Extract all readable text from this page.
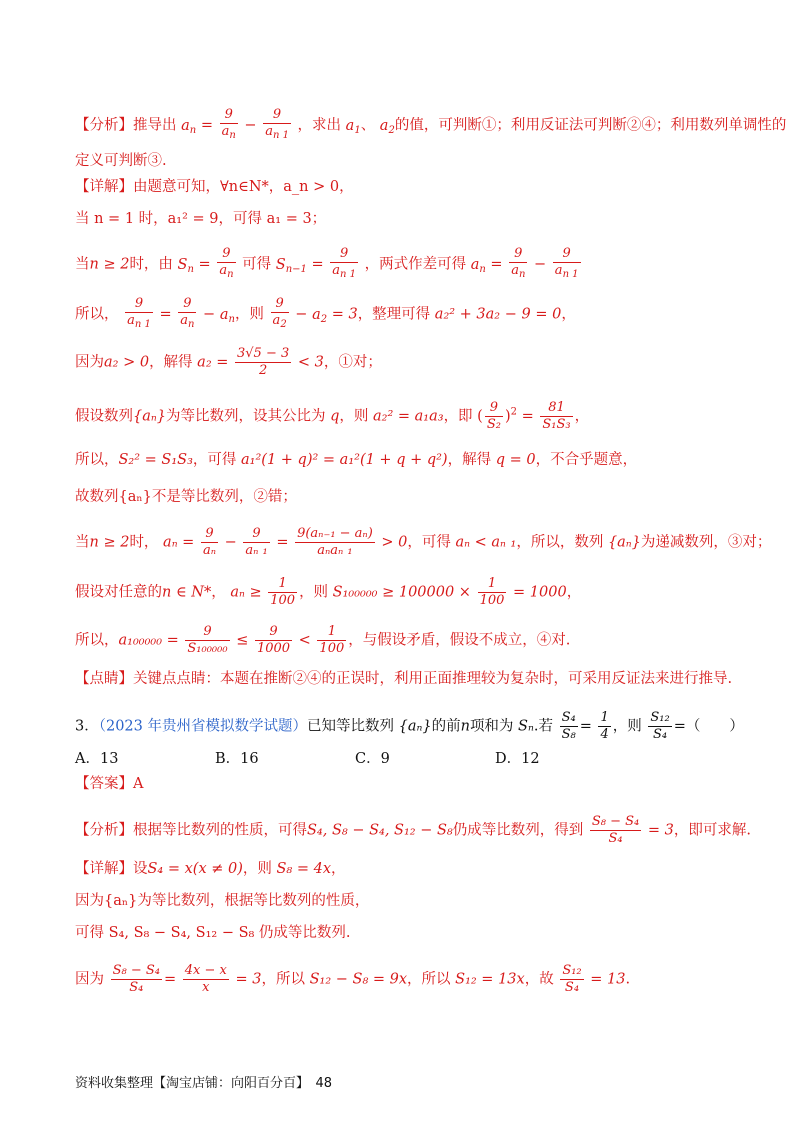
【分析】推导出 $a_n = \frac{9}{a_n} - \frac{9}{a_{n 1}}$ ，求出 $a_1$、 $a_2$的值，可判断①；利用反证法可判断②④；利用数列单调性的
定义可判断③.
【详解】由题意可知，∀n∈N*，a_n > 0，
当 n = 1 时，a₁² = 9，可得 a₁ = 3；
当n ≥ 2时，由 $S_n = \frac{9}{a_n}$ 可得 $S_{n-1} = \frac{9}{a_{n 1}}$ ，两式作差可得 $a_n = \frac{9}{a_n} - \frac{9}{a_{n 1}}$
所以， $\frac{9}{a_{n 1}} = \frac{9}{a_n} - a_n$，则 $\frac{9}{a_2} - a_2 = 3$，整理可得 a₂² + 3a₂ − 9 = 0，
因为a₂ > 0，解得 $a_2 = \frac{3√5 - 3}{2} < 3$，①对；
假设数列{aₙ}为等比数列，设其公比为 q，则 a₂² = a₁a₃，即 ( $\frac{9}{\text{S₂}} )^2 = \frac{81}{\text{S₁S₃}}$ ，
所以，S₂² = S₁S₃，可得 a₁²(1 + q)² = a₁²(1 + q + q²)，解得 q = 0，不合乎题意，
故数列{aₙ}不是等比数列，②错；
当n ≥ 2时， $a_n = \frac{9}{\text{aₙ}} - \frac{9}{\text{aₙ ₁}} = \frac{\text{9(aₙ₋₁ − aₙ)}}{\text{aₙaₙ ₁}} > 0$，可得 aₙ < aₙ ₁，所以，数列 {aₙ}为递减数列，③对；
假设对任意的n ∈ N*， $a_n \ge \frac{1}{100}$ ，则 $S_{100000} \ge 100000 \times \frac{1}{100} = 1000$，
所以，$a_{100000} = \frac{9}{\text{S₁₀₀₀₀₀}} \le \frac{9}{1000} < \frac{1}{100}$ ，与假设矛盾，假设不成立，④对.
【点睛】关键点点睛：本题在推断②④的正误时，利用正面推理较为复杂时，可采用反证法来进行推导.
3．（2023 年贵州省模拟数学试题）已知等比数列 {aₙ}的前n项和为 Sₙ.若 $\frac{\text{S₄}}{\text{S₈}} = \frac{1}{4}$ ，则 $\frac{\text{S₁₂}}{\text{S₄}}$ =（　　）
A．13	B．16	C．9	D．12
【答案】A
【分析】根据等比数列的性质，可得S₄, S₈ − S₄, S₁₂ − S₈仍成等比数列，得到 $\frac{\text{S₈ − S₄}}{\text{S₄}} = 3$，即可求解.
【详解】设S₄ = x(x ≠ 0)，则 S₈ = 4x，
因为{aₙ}为等比数列，根据等比数列的性质，
可得 S₄, S₈ − S₄, S₁₂ − S₈ 仍成等比数列.
因为 $\frac{\text{S₈ − S₄}}{\text{S₄}} = \frac{4x - x}{x} = 3$，所以 S₁₂ − S₈ = 9x，所以 S₁₂ = 13x，故 $\frac{\text{S₁₂}}{\text{S₄}} = 13$.
资料收集整理【淘宝店铺：向阳百分百】　48
